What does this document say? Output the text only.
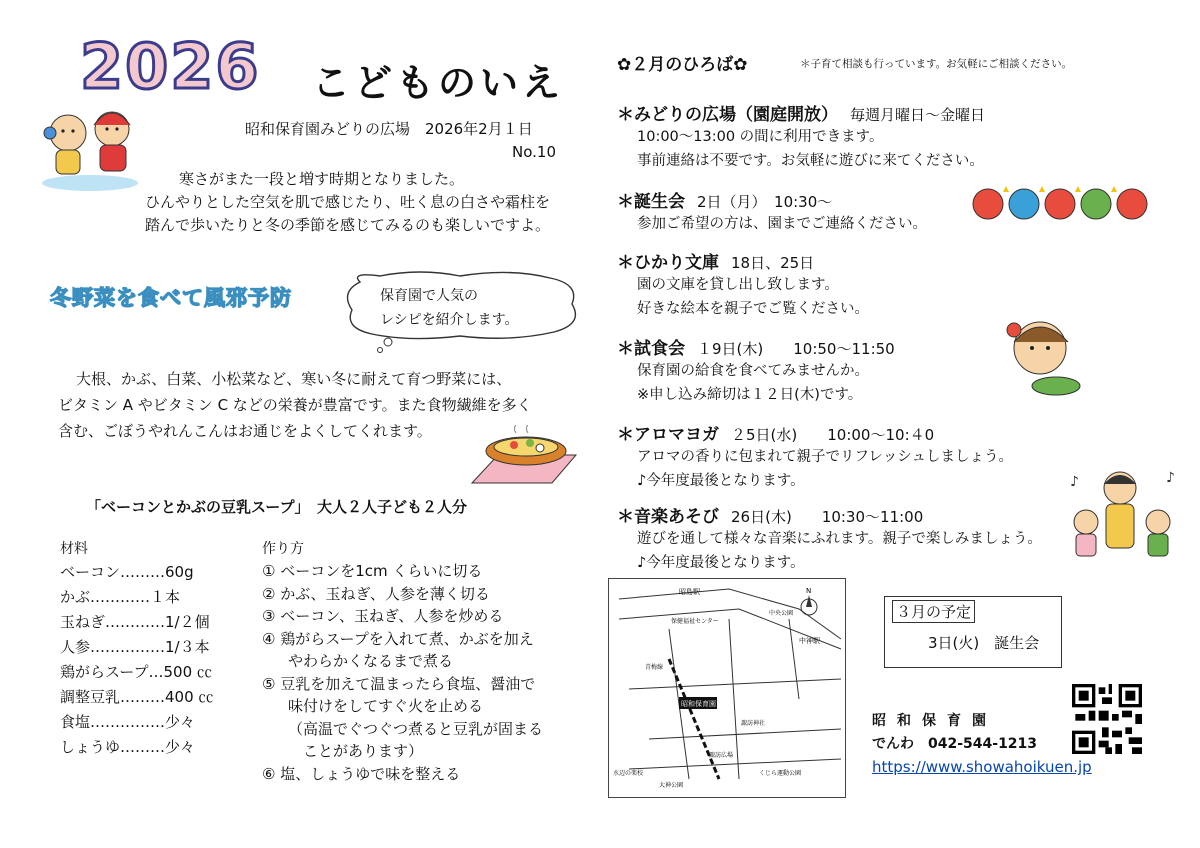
2026 こどものいえ
昭和保育園みどりの広場　2026年2月１日
No.10

寒さがまた一段と増す時期となりました。

ひんやりとした空気を肌で感じたり、吐く息の白さや霜柱を

踏んで歩いたりと冬の季節を感じてみるのも楽しいですよ。

冬野菜を食べて風邪予防	保育園で人気の
レシピを紹介します。

大根、かぶ、白菜、小松菜など、寒い冬に耐えて育つ野菜には、

ビタミン A やビタミン C などの栄養が豊富です。また食物繊維を多く

含む、ごぼうやれんこんはお通じをよくしてくれます。

「ベーコンとかぶの豆乳スープ」　大人２人子ども２人分
材料
ベーコン………60g
かぶ…………１本
玉ねぎ…………1/２個
人参……………1/３本
鶏がらスープ…500 ㏄
調整豆乳………400 ㏄
食塩……………少々
しょうゆ………少々
作り方
① ベーコンを1cm くらいに切る
② かぶ、玉ねぎ、人参を薄く切る
③ ベーコン、玉ねぎ、人参を炒める
④ 鶏がらスープを入れて煮、かぶを加え
やわらかくなるまで煮る
⑤ 豆乳を加えて温まったら食塩、醤油で
味付けをしてすぐ火を止める
（高温でぐつぐつ煮ると豆乳が固まる
　ことがあります）
⑥ 塩、しょうゆで味を整える
✿２月のひろば✿	＊子育て相談も行っています。お気軽にご相談ください。
＊みどりの広場（園庭開放） 毎週月曜日～金曜日
10:00～13:00 の間に利用できます。
事前連絡は不要です。お気軽に遊びに来てください。
＊誕生会 2日（月）　10:30～
参加ご希望の方は、園までご連絡ください。
＊ひかり文庫 18日、25日
園の文庫を貸し出し致します。
好きな絵本を親子でご覧ください。
＊試食会 １9日(木)　　10:50～11:50
保育園の給食を食べてみませんか。
※申し込み締切は１２日(木)です。
＊アロマヨガ ２5日(水)　　10:00～10:４0
アロマの香りに包まれて親子でリフレッシュしましょう。
♪今年度最後となります。
＊音楽あそび 26日(木)　　10:30～11:00
遊びを通して様々な音楽にふれます。親子で楽しみましょう。
♪今年度最後となります。
♪	♪
昭和保育園
昭島駅
保健福祉センター
中神駅
諏訪神社
くじら運動公園
水辺の楽校
大神公園
中央公園
諏訪広場
青梅線
N
３月の予定
3日(火)　誕生会
昭和保育園
でんわ　042-544-1213
https://www.showahoikuen.jp
